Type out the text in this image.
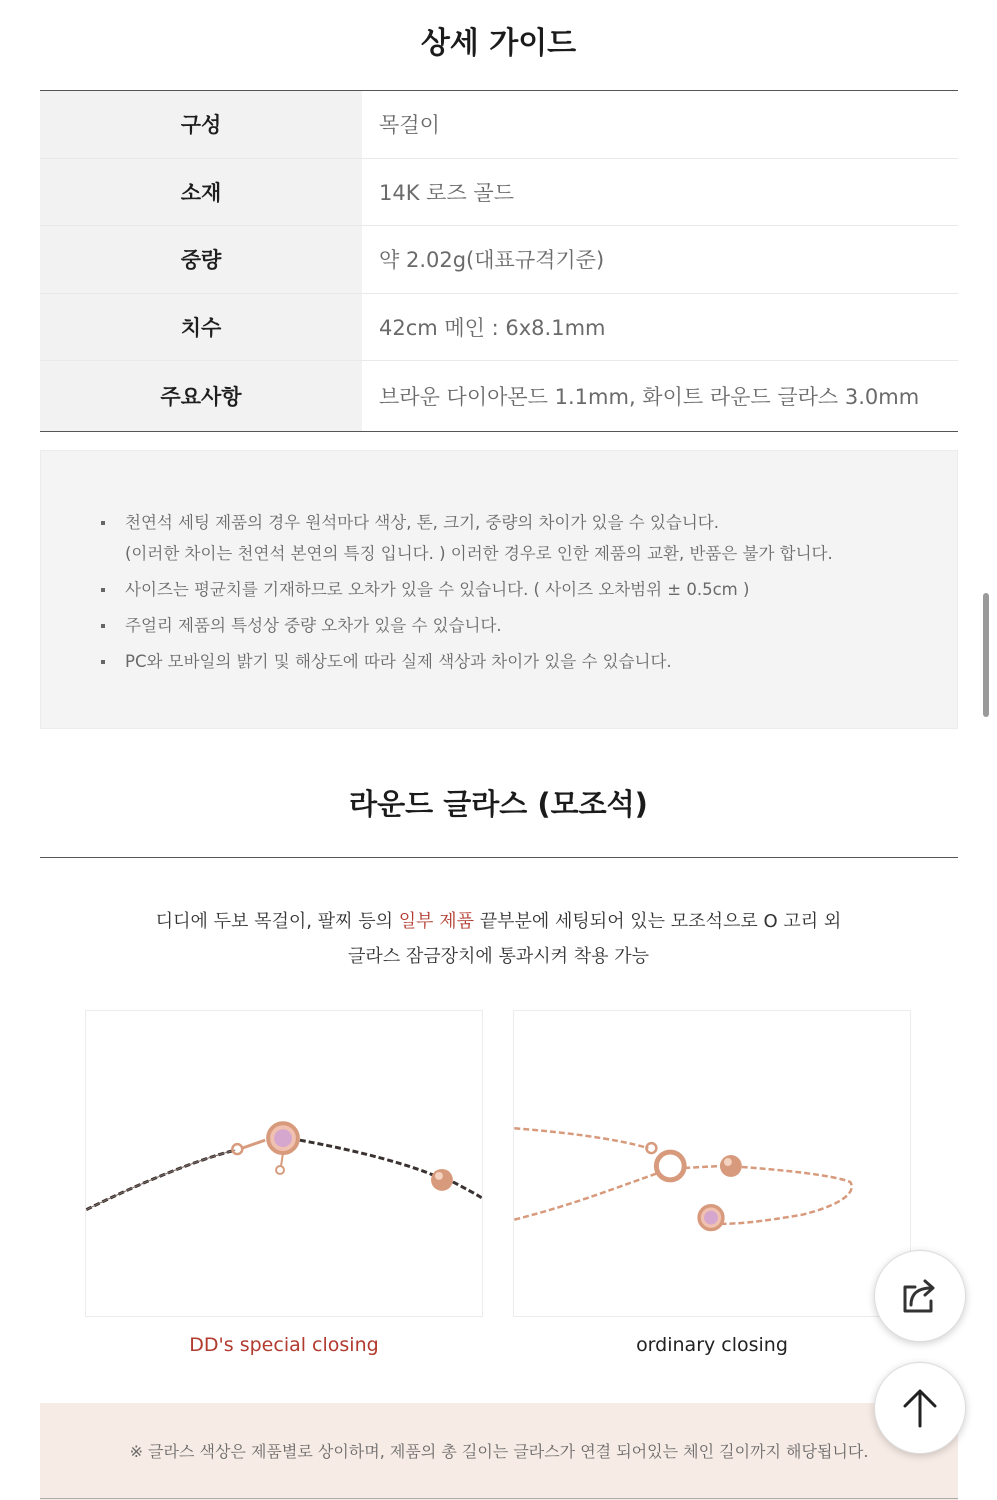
상세 가이드
구성	목걸이
소재	14K 로즈 골드
중량	약 2.02g(대표규격기준)
치수	42cm 메인 : 6x8.1mm
주요사항	브라운 다이아몬드 1.1mm, 화이트 라운드 글라스 3.0mm
천연석 세팅 제품의 경우 원석마다 색상, 톤, 크기, 중량의 차이가 있을 수 있습니다.
(이러한 차이는 천연석 본연의 특징 입니다. ) 이러한 경우로 인한 제품의 교환, 반품은 불가 합니다.
사이즈는 평균치를 기재하므로 오차가 있을 수 있습니다. ( 사이즈 오차범위 ± 0.5cm )
주얼리 제품의 특성상 중량 오차가 있을 수 있습니다.
PC와 모바일의 밝기 및 해상도에 따라 실제 색상과 차이가 있을 수 있습니다.
라운드 글라스 (모조석)
디디에 두보 목걸이, 팔찌 등의 일부 제품 끝부분에 세팅되어 있는 모조석으로 O 고리 외
글라스 잠금장치에 통과시켜 착용 가능
DD's special closing	ordinary closing
※ 글라스 색상은 제품별로 상이하며, 제품의 총 길이는 글라스가 연결 되어있는 체인 길이까지 해당됩니다.
